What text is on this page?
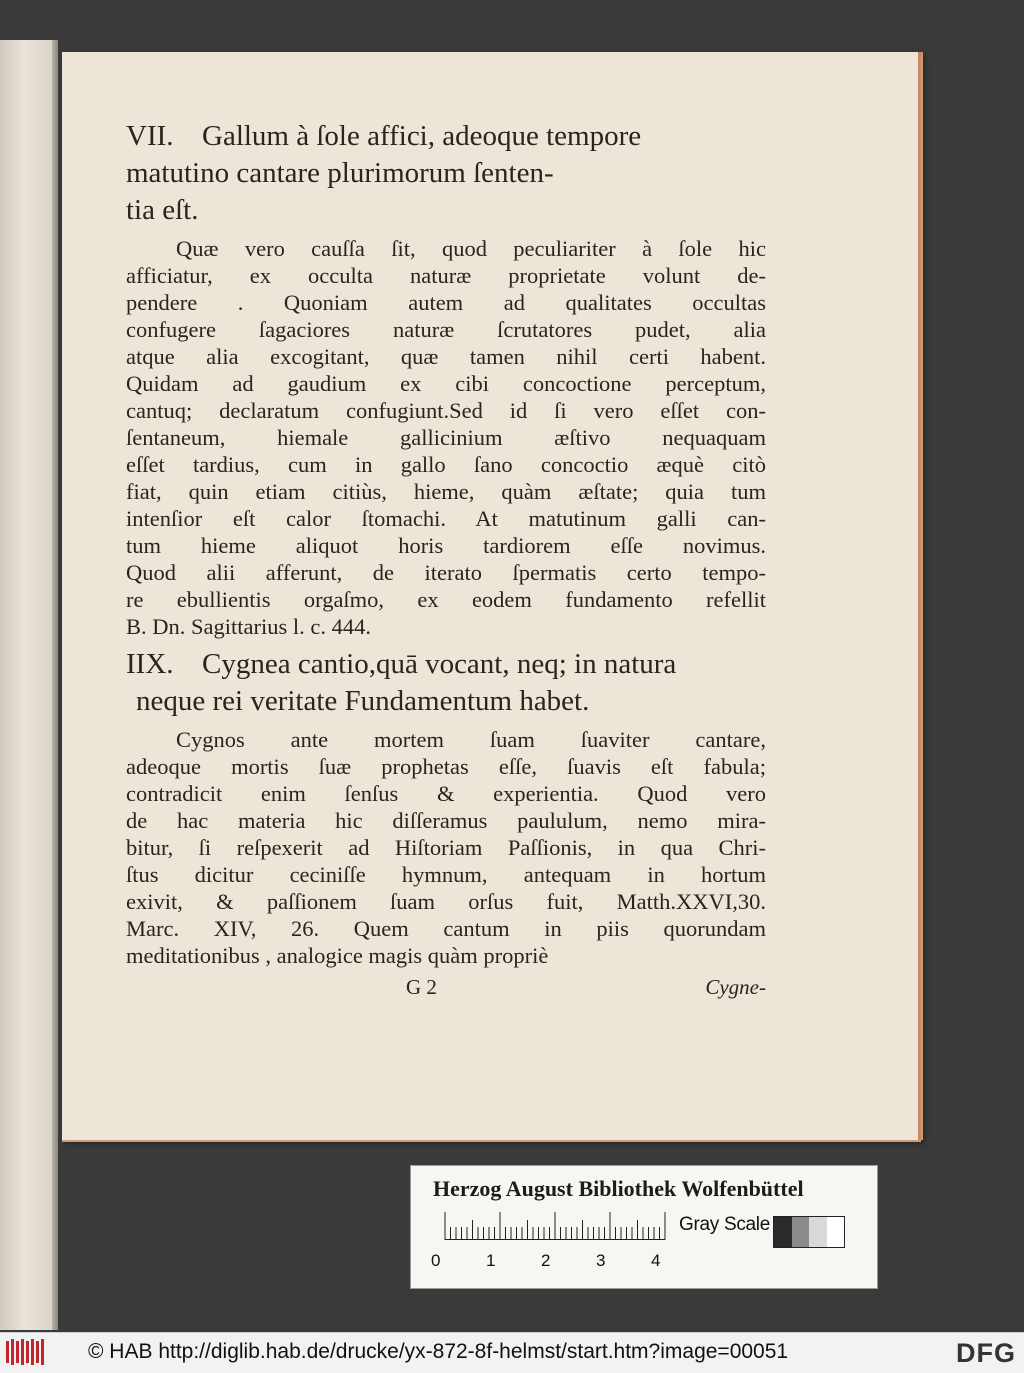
VII. Gallum à ſole affici, adeoque tempore
matutino cantare plurimorum ſenten-
tia eſt.
Quæ vero cauſſa ſit, quod peculiariter à ſole hic
afficiatur, ex occulta naturæ proprietate volunt de-
pendere . Quoniam autem ad qualitates occultas
confugere ſagaciores naturæ ſcrutatores pudet, alia
atque alia excogitant, quæ tamen nihil certi habent.
Quidam ad gaudium ex cibi concoctione perceptum,
cantuq; declaratum confugiunt.Sed id ſi vero eſſet con-
ſentaneum, hiemale gallicinium æſtivo nequaquam
eſſet tardius, cum in gallo ſano concoctio æquè citò
fiat, quin etiam citiùs, hieme, quàm æſtate; quia tum
intenſior eſt calor ſtomachi. At matutinum galli can-
tum hieme aliquot horis tardiorem eſſe novimus.
Quod alii afferunt, de iterato ſpermatis certo tempo-
re ebullientis orgaſmo, ex eodem fundamento refellit
B. Dn. Sagittarius l. c. 444.
IIX. Cygnea cantio,quā vocant, neq; in natura
neque rei veritate Fundamentum habet.
Cygnos ante mortem ſuam ſuaviter cantare,
adeoque mortis ſuæ prophetas eſſe, ſuavis eſt fabula;
contradicit enim ſenſus & experientia. Quod vero
de hac materia hic diſſeramus paululum, nemo mira-
bitur, ſi reſpexerit ad Hiſtoriam Paſſionis, in qua Chri-
ſtus dicitur ceciniſſe hymnum, antequam in hortum
exivit, & paſſionem ſuam orſus fuit, Matth.XXVI,30.
Marc. XIV, 26. Quem cantum in piis quorundam
meditationibus , analogice magis quàm propriè
G 2	Cygne-
Herzog August Bibliothek Wolfenbüttel
0	1	2	3	4
Gray Scale
© HAB http://diglib.hab.de/drucke/yx-872-8f-helmst/start.htm?image=00051	DFG
